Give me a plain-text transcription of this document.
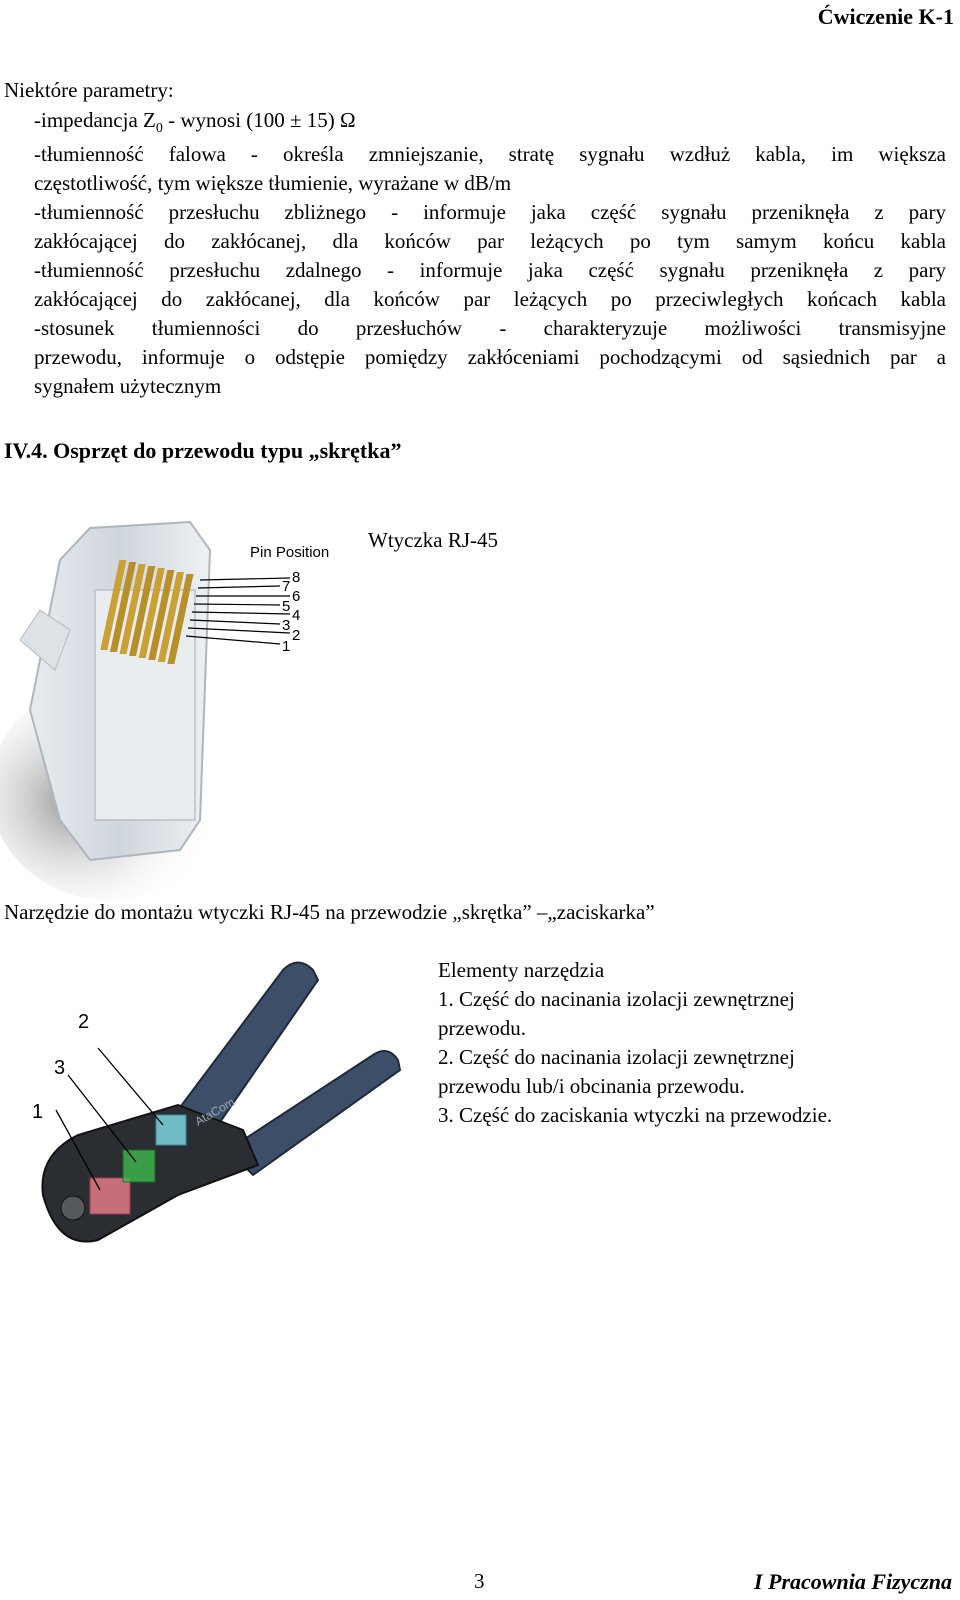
Ćwiczenie K-1
Niektóre parametry:
-impedancja $Z_0$ - wynosi (100 ± 15) Ω
-tłumienność falowa - określa zmniejszanie, stratę sygnału wzdłuż kabla, im większa
częstotliwość, tym większe tłumienie, wyrażane w dB/m
-tłumienność przesłuchu zbliżnego - informuje jaka część sygnału przeniknęła z pary
zakłócającej do zakłócanej, dla końców par leżących po tym samym końcu kabla
-tłumienność przesłuchu zdalnego - informuje jaka część sygnału przeniknęła z pary
zakłócającej do zakłócanej, dla końców par leżących po przeciwległych końcach kabla
-stosunek tłumienności do przesłuchów - charakteryzuje możliwości transmisyjne
przewodu, informuje o odstępie pomiędzy zakłóceniami pochodzącymi od sąsiednich par a
sygnałem użytecznym
IV.4. Osprzęt do przewodu typu „skrętka”
Pin Position
8
7
6
5
4
3
2
1
Wtyczka RJ-45
Narzędzie do montażu wtyczki RJ-45 na przewodzie „skrętka” –„zaciskarka”
AtaCom
1
2
3
Elementy narzędzia
1. Część do nacinania izolacji zewnętrznej
przewodu.
2. Część do nacinania izolacji zewnętrznej
przewodu lub/i obcinania przewodu.
3. Część do zaciskania wtyczki na przewodzie.
3	I Pracownia Fizyczna
